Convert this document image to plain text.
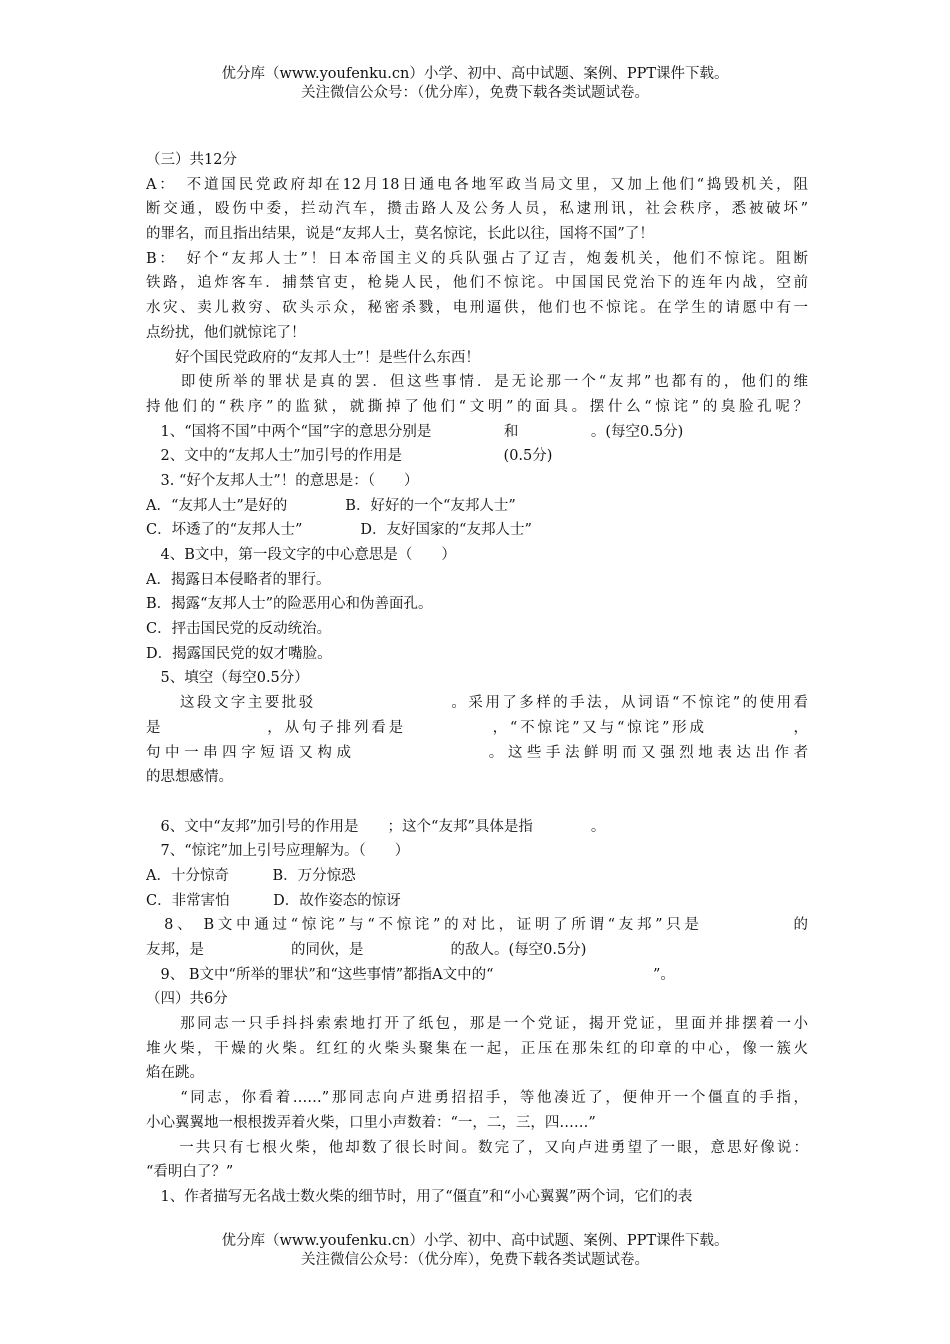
优分库（www.youfenku.cn）小学、初中、高中试题、案例、PPT课件下载。
关注微信公众号：（优分库），免费下载各类试题试卷。
（三）共12分
A：　不道国民党政府却在12月18日通电各地军政当局文里，又加上他们“捣毁机关，阻
断交通，殴伤中委，拦动汽车，攒击路人及公务人员，私逮刑讯，社会秩序，悉被破坏”
的罪名，而且指出结果，说是“友邦人士，莫名惊诧，长此以往，国将不国”了！
B：　好个“友邦人士”！日本帝国主义的兵队强占了辽吉，炮轰机关，他们不惊诧。阻断
铁路，追炸客车．捕禁官吏，枪毙人民，他们不惊诧。中国国民党治下的连年内战，空前
水灾、卖儿救穷、砍头示众，秘密杀戮，电刑逼供，他们也不惊诧。在学生的请愿中有一
点纷扰，他们就惊诧了！
　　好个国民党政府的“友邦人士”！是些什么东西！
　　即使所举的罪状是真的罢．但这些事情．是无论那一个“友邦”也都有的，他们的维
持他们的“秩序”的监狱，就撕掉了他们“文明”的面具。摆什么“惊诧”的臭脸孔呢？
　1、“国将不国”中两个“国”字的意思分别是　　　　　和　　　　　。(每空0.5分)
　2、文中的“友邦人士”加引号的作用是　　　　　　　(0.5分)
　3. “好个友邦人士”！的意思是：（　　）
A．“友邦人士”是好的　　　　B．好好的一个“友邦人士”
C．坏透了的“友邦人士”　　　　D．友好国家的“友邦人士”
　4、B文中，第一段文字的中心意思是（　　）
A．揭露日本侵略者的罪行。
B．揭露“友邦人士”的险恶用心和伪善面孔。
C．抨击国民党的反动统治。
D．揭露国民党的奴才嘴脸。
　5、填空（每空0.5分）
　　这段文字主要批驳　　　　　　　　。采用了多样的手法，从词语“不惊诧”的使用看
是　　　　　　，从句子排列看是　　　　　，“不惊诧”又与“惊诧”形成　　　　　，
句中一串四字短语又构成　　　　　　　。这些手法鲜明而又强烈地表达出作者
的思想感情。
　6、文中“友邦”加引号的作用是　　；这个“友邦”具体是指　　　　。
　7、“惊诧”加上引号应理解为。（　　）
A．十分惊奇　　　B．万分惊恐
C．非常害怕　　　D．故作姿态的惊讶
　8、 B文中通过“惊诧”与“不惊诧”的对比，证明了所谓“友邦”只是　　　　　的
友邦，是　　　　　　的同伙，是　　　　　　的敌人。(每空0.5分)
　9、 B文中“所举的罪状”和“这些事情”都指A文中的“　　　　　　　　　　　”。
（四）共6分
　　那同志一只手抖抖索索地打开了纸包，那是一个党证，揭开党证，里面并排摆着一小
堆火柴，干燥的火柴。红红的火柴头聚集在一起，正压在那朱红的印章的中心，像一簇火
焰在跳。
　　“同志，你看着……”那同志向卢进勇招招手，等他凑近了，便伸开一个僵直的手指，
小心翼翼地一根根拨弄着火柴，口里小声数着：“一，二，三，四……”
　　一共只有七根火柴，他却数了很长时间。数完了，又向卢进勇望了一眼，意思好像说：
“看明白了？”
　1、作者描写无名战士数火柴的细节时，用了“僵直”和“小心翼翼”两个词，它们的表
优分库（www.youfenku.cn）小学、初中、高中试题、案例、PPT课件下载。
关注微信公众号：（优分库），免费下载各类试题试卷。
